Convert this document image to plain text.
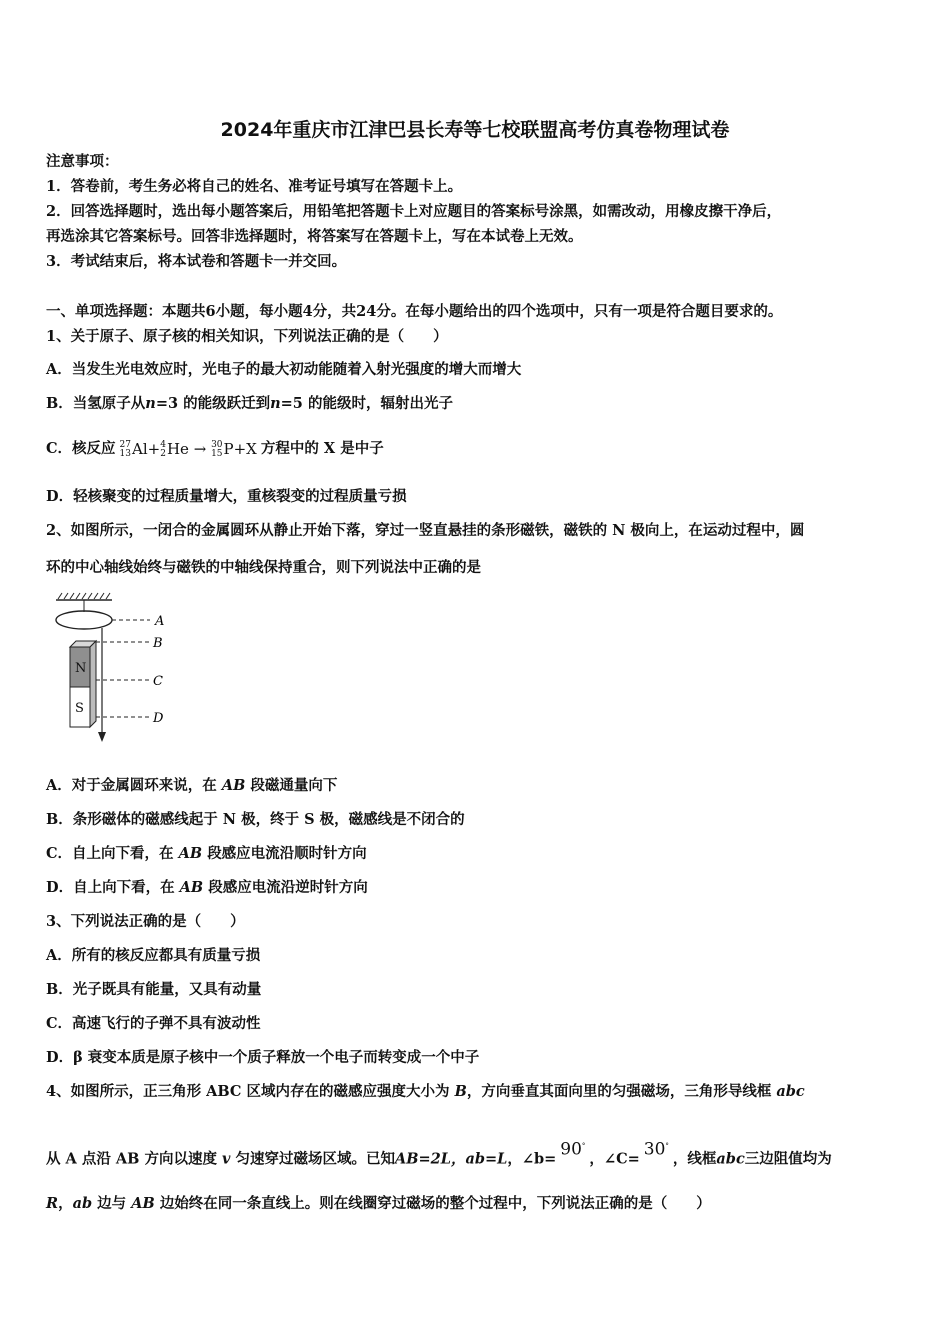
2024年重庆市江津巴县长寿等七校联盟高考仿真卷物理试卷
注意事项：
1．答卷前，考生务必将自己的姓名、准考证号填写在答题卡上。
2．回答选择题时，选出每小题答案后，用铅笔把答题卡上对应题目的答案标号涂黑，如需改动，用橡皮擦干净后，
再选涂其它答案标号。回答非选择题时，将答案写在答题卡上，写在本试卷上无效。
3．考试结束后，将本试卷和答题卡一并交回。
一、单项选择题：本题共6小题，每小题4分，共24分。在每小题给出的四个选项中，只有一项是符合题目要求的。
1、关于原子、原子核的相关知识，下列说法正确的是（　　）
A．当发生光电效应时，光电子的最大初动能随着入射光强度的增大而增大
B．当氢原子从n=3 的能级跃迁到n=5 的能级时，辐射出光子
C．核反应 27
13 Al+ 4
2 He → 30
15 P+X 方程中的 X 是中子
D．轻核聚变的过程质量增大，重核裂变的过程质量亏损
2、如图所示，一闭合的金属圆环从静止开始下落，穿过一竖直悬挂的条形磁铁，磁铁的 N 极向上，在运动过程中，圆
环的中心轴线始终与磁铁的中轴线保持重合，则下列说法中正确的是
N
S
A
B
C
D
A．对于金属圆环来说，在 AB 段磁通量向下
B．条形磁体的磁感线起于 N 极，终于 S 极，磁感线是不闭合的
C．自上向下看，在 AB 段感应电流沿顺时针方向
D．自上向下看，在 AB 段感应电流沿逆时针方向
3、下列说法正确的是（　　）
A．所有的核反应都具有质量亏损
B．光子既具有能量，又具有动量
C．高速飞行的子弹不具有波动性
D．β 衰变本质是原子核中一个质子释放一个电子而转变成一个中子
4、如图所示，正三角形 ABC 区域内存在的磁感应强度大小为 B，方向垂直其面向里的匀强磁场，三角形导线框 abc
从 A 点沿 AB 方向以速度 v 匀速穿过磁场区域。已知AB=2L，ab=L，∠b= 90°，∠C= 30°，线框abc三边阻值均为
R，ab 边与 AB 边始终在同一条直线上。则在线圈穿过磁场的整个过程中，下列说法正确的是（　　）
